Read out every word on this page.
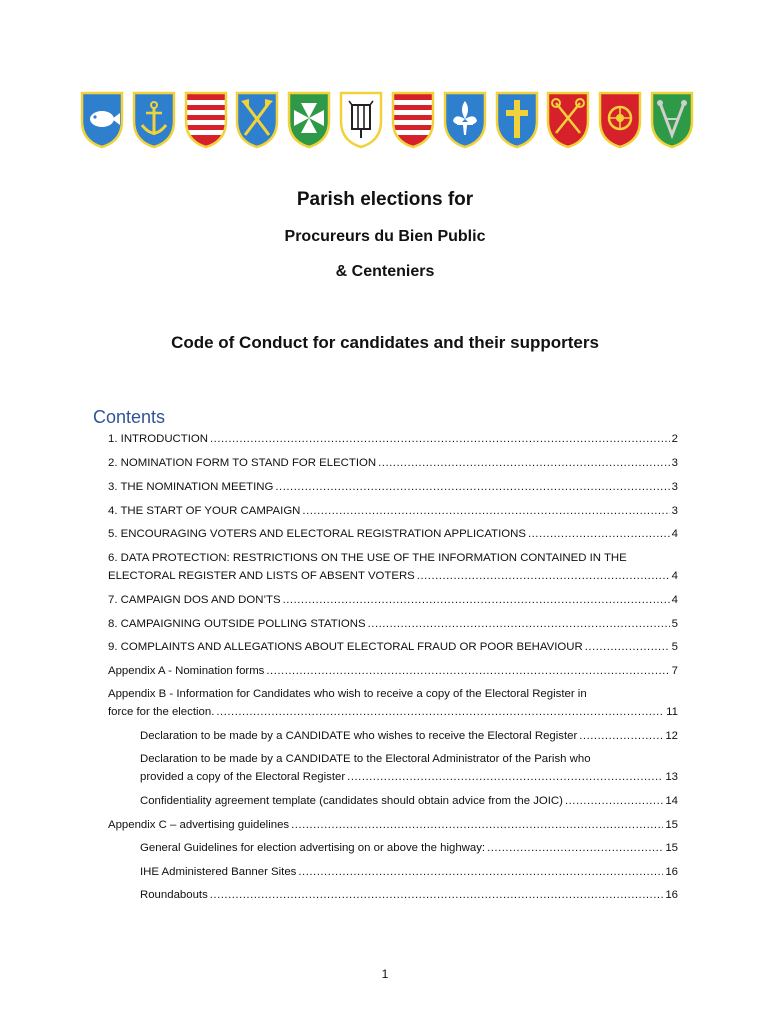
Parish elections for
Procureurs du Bien Public
& Centeniers
Code of Conduct for candidates and their supporters
Contents
1. INTRODUCTION .....	2
2. NOMINATION FORM TO STAND FOR ELECTION .....	3
3. THE NOMINATION MEETING .....	3
4. THE START OF YOUR CAMPAIGN .....	3
5. ENCOURAGING VOTERS AND ELECTORAL REGISTRATION APPLICATIONS .....	4
6. DATA PROTECTION: RESTRICTIONS ON THE USE OF THE INFORMATION CONTAINED IN THE
ELECTORAL REGISTER AND LISTS OF ABSENT VOTERS .....	4
7. CAMPAIGN DOS AND DON’TS .....	4
8. CAMPAIGNING OUTSIDE POLLING STATIONS .....	5
9. COMPLAINTS AND ALLEGATIONS ABOUT ELECTORAL FRAUD OR POOR BEHAVIOUR .....	5
Appendix A - Nomination forms .....	7
Appendix B - Information for Candidates who wish to receive a copy of the Electoral Register in
force for the election. .....	11
Declaration to be made by a CANDIDATE who wishes to receive the Electoral Register .....	12
Declaration to be made by a CANDIDATE to the Electoral Administrator of the Parish who
provided a copy of the Electoral Register .....	13
Confidentiality agreement template (candidates should obtain advice from the JOIC) .....	14
Appendix C – advertising guidelines .....	15
General Guidelines for election advertising on or above the highway: .....	15
IHE Administered Banner Sites .....	16
Roundabouts .....	16
1
